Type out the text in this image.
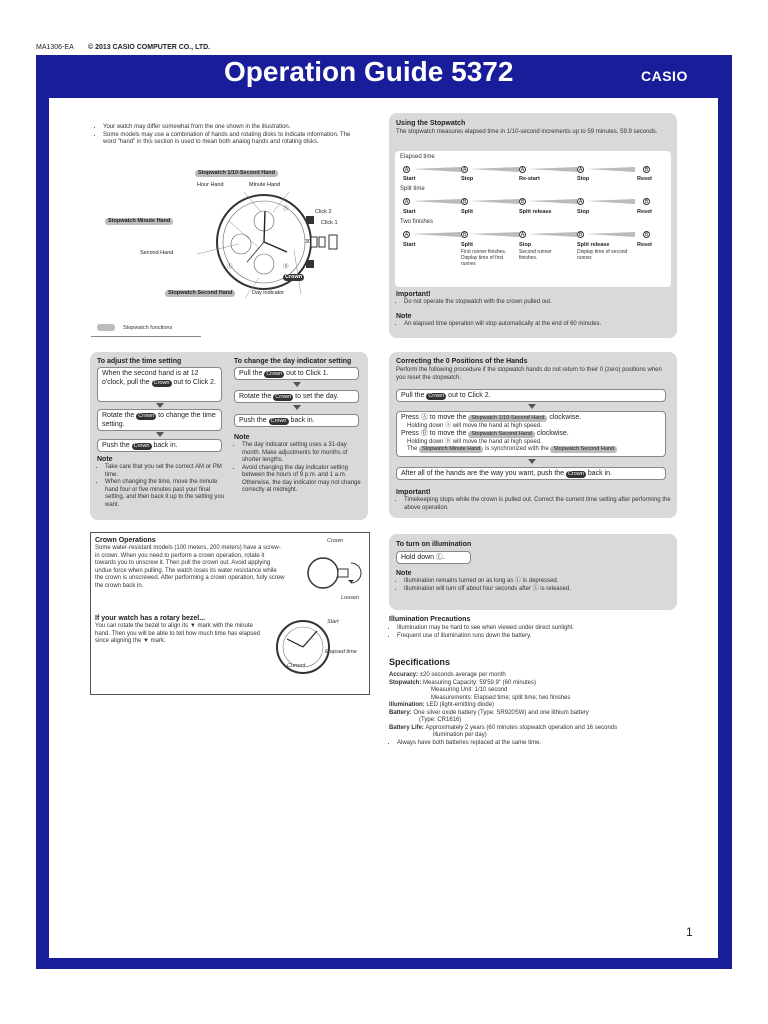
MA1306-EA © 2013 CASIO COMPUTER CO., LTD.
Operation Guide 5372	CASIO
• Your watch may differ somewhat from the one shown in the illustration.
• Some models may use a combination of hands and rotating disks to indicate information. The word "hand" in this section is used to mean both analog hands and rotating disks.
Stopwatch 1/10-Second Hand
Hour Hand	Minute Hand
Stopwatch Minute Hand
Click 2
Click 1
Second Hand
Ⓐ
Ⓛ	Ⓑ
30
Crown
Stopwatch Second Hand	Day indicator
Stopwatch functions
Using the Stopwatch
The stopwatch measures elapsed time in 1/10-second increments up to 59 minutes, 59.9 seconds.
Elapsed time
A	A	A	A	B
Start	Stop	Re-start	Stop	Reset
Split time
A	B	B	A	B
Start	Split	Split release	Stop	Reset
Two finishes
A	B	A	B	B
Start	Split	Stop	Split release	Reset
First runner finishes. Display time of first runner.
Second runner finishes.
Display time of second runner.
Important!
• Do not operate the stopwatch with the crown pulled out.
Note
• An elapsed time operation will stop automatically at the end of 60 minutes.
To adjust the time setting
When the second hand is at 12 o'clock, pull the Crown out to Click 2.
Rotate the Crown to change the time setting.
Push the Crown back in.
Note
• Take care that you set the correct AM or PM time.
• When changing the time, move the minute hand four or five minutes past your final setting, and then back it up to the setting you want.
To change the day indicator setting
Pull the Crown out to Click 1.
Rotate the Crown to set the day.
Push the Crown back in.
Note
• The day indicator setting uses a 31-day month. Make adjustments for months of shorter lengths.
• Avoid changing the day indicator setting between the hours of 9 p.m. and 1 a.m. Otherwise, the day indicator may not change correctly at midnight.
Correcting the 0 Positions of the Hands
Perform the following procedure if the stopwatch hands do not return to their 0 (zero) positions when you reset the stopwatch.
Pull the Crown out to Click 2.
Press Ⓐ to move the Stopwatch 1/10-Second Hand clockwise.
Holding down Ⓐ will move the hand at high speed.
Press Ⓑ to move the Stopwatch Second Hand clockwise.
Holding down Ⓑ will move the hand at high speed.
The Stopwatch Minute Hand is synchronized with the Stopwatch Second Hand
After all of the hands are the way you want, push the Crown back in.
Important!
• Timekeeping stops while the crown is pulled out. Correct the current time setting after performing the above operation.
Crown Operations
Some water-resistant models (100 meters, 200 meters) have a screw-in crown. When you need to perform a crown operation, rotate it towards you to unscrew it. Then pull the crown out. Avoid applying undue force when pulling. The watch loses its water resistance while the crown is unscrewed. After performing a crown operation, fully screw the crown back in.
Crown
Loosen
If your watch has a rotary bezel...
You can rotate the bezel to align its ▼ mark with the minute hand. Then you will be able to tell how much time has elapsed since aligning the ▼ mark.
Start
Elapsed time
Current
To turn on illumination
Hold down Ⓛ.
Note
• Illumination remains turned on as long as Ⓛ is depressed.
• Illumination will turn off about four seconds after Ⓛ is released.
Illumination Precautions
• Illumination may be hard to see when viewed under direct sunlight.
• Frequent use of illumination runs down the battery.
Specifications
Accuracy: ±20 seconds average per month
Stopwatch: Measuring Capacity: 59'59.9" (60 minutes)
Measuring Unit: 1/10 second
Measurements: Elapsed time; split time; two finishes
Illumination: LED (light-emitting diode)
Battery: One silver oxide battery (Type: SR920SW) and one lithium battery
(Type: CR1616)
Battery Life: Approximately 2 years (60 minutes stopwatch operation and 16 seconds
illumination per day)
• Always have both batteries replaced at the same time.
1
